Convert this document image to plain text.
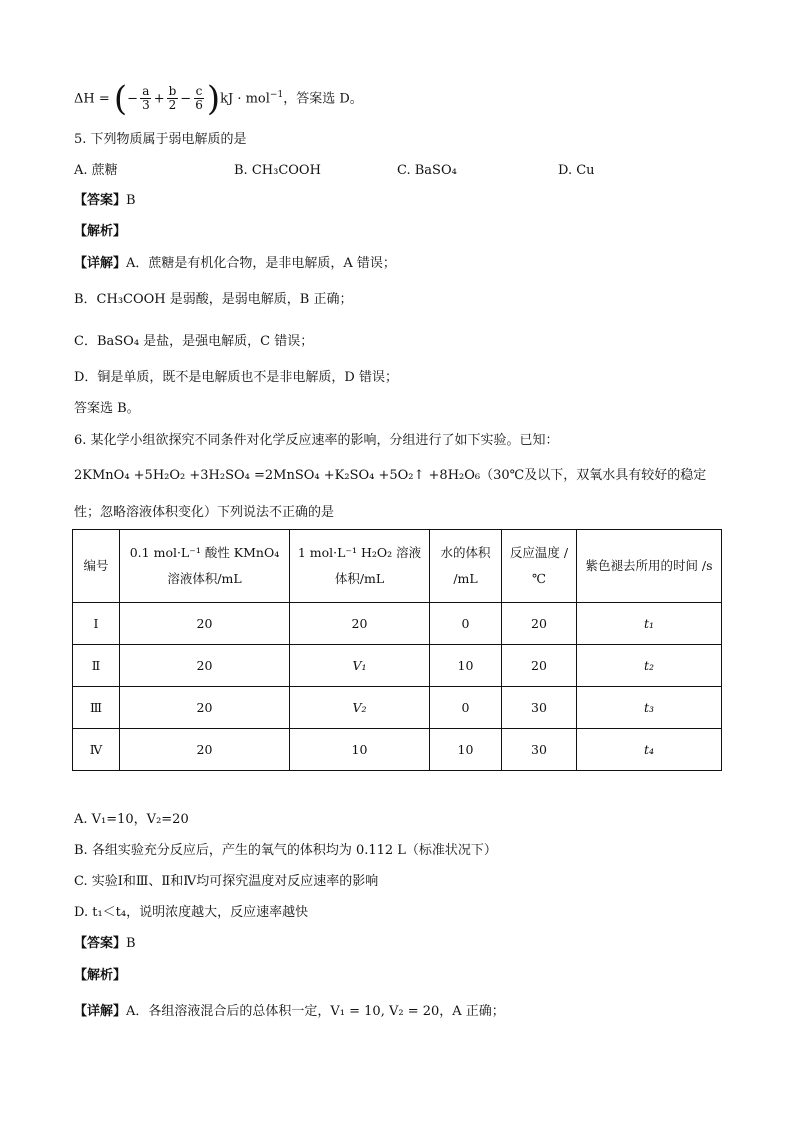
ΔH = (− $\frac{a}{3} + \frac{b}{2} - \frac{c}{6} )kJ \cdot mol^{-1}$，答案选 D。
5. 下列物质属于弱电解质的是
A. 蔗糖	B. CH₃COOH	C. BaSO₄	D. Cu
【答案】B
【解析】
【详解】A．蔗糖是有机化合物，是非电解质，A 错误；
B．CH₃COOH 是弱酸，是弱电解质，B 正确；
C．BaSO₄ 是盐，是强电解质，C 错误；
D．铜是单质，既不是电解质也不是非电解质，D 错误；
答案选 B。
6. 某化学小组欲探究不同条件对化学反应速率的影响，分组进行了如下实验。已知：
2KMnO₄ +5H₂O₂ +3H₂SO₄ =2MnSO₄ +K₂SO₄ +5O₂↑ +8H₂O₆（30℃及以下，双氧水具有较好的稳定
性；忽略溶液体积变化）下列说法不正确的是
编号	0.1 mol·L⁻¹ 酸性 KMnO₄ 溶液体积/mL	1 mol·L⁻¹ H₂O₂ 溶液 体积/mL	水的体积 /mL	反应温度 /℃	紫色褪去所用的时间 /s
Ⅰ	20	20	0	20	t₁
Ⅱ	20	V₁	10	20	t₂
Ⅲ	20	V₂	0	30	t₃
Ⅳ	20	10	10	30	t₄
A. V₁=10，V₂=20
B. 各组实验充分反应后，产生的氧气的体积均为 0.112 L（标准状况下）
C. 实验Ⅰ和Ⅲ、Ⅱ和Ⅳ均可探究温度对反应速率的影响
D. t₁＜t₄，说明浓度越大，反应速率越快
【答案】B
【解析】
【详解】A．各组溶液混合后的总体积一定，V₁ = 10, V₂ = 20，A 正确；
